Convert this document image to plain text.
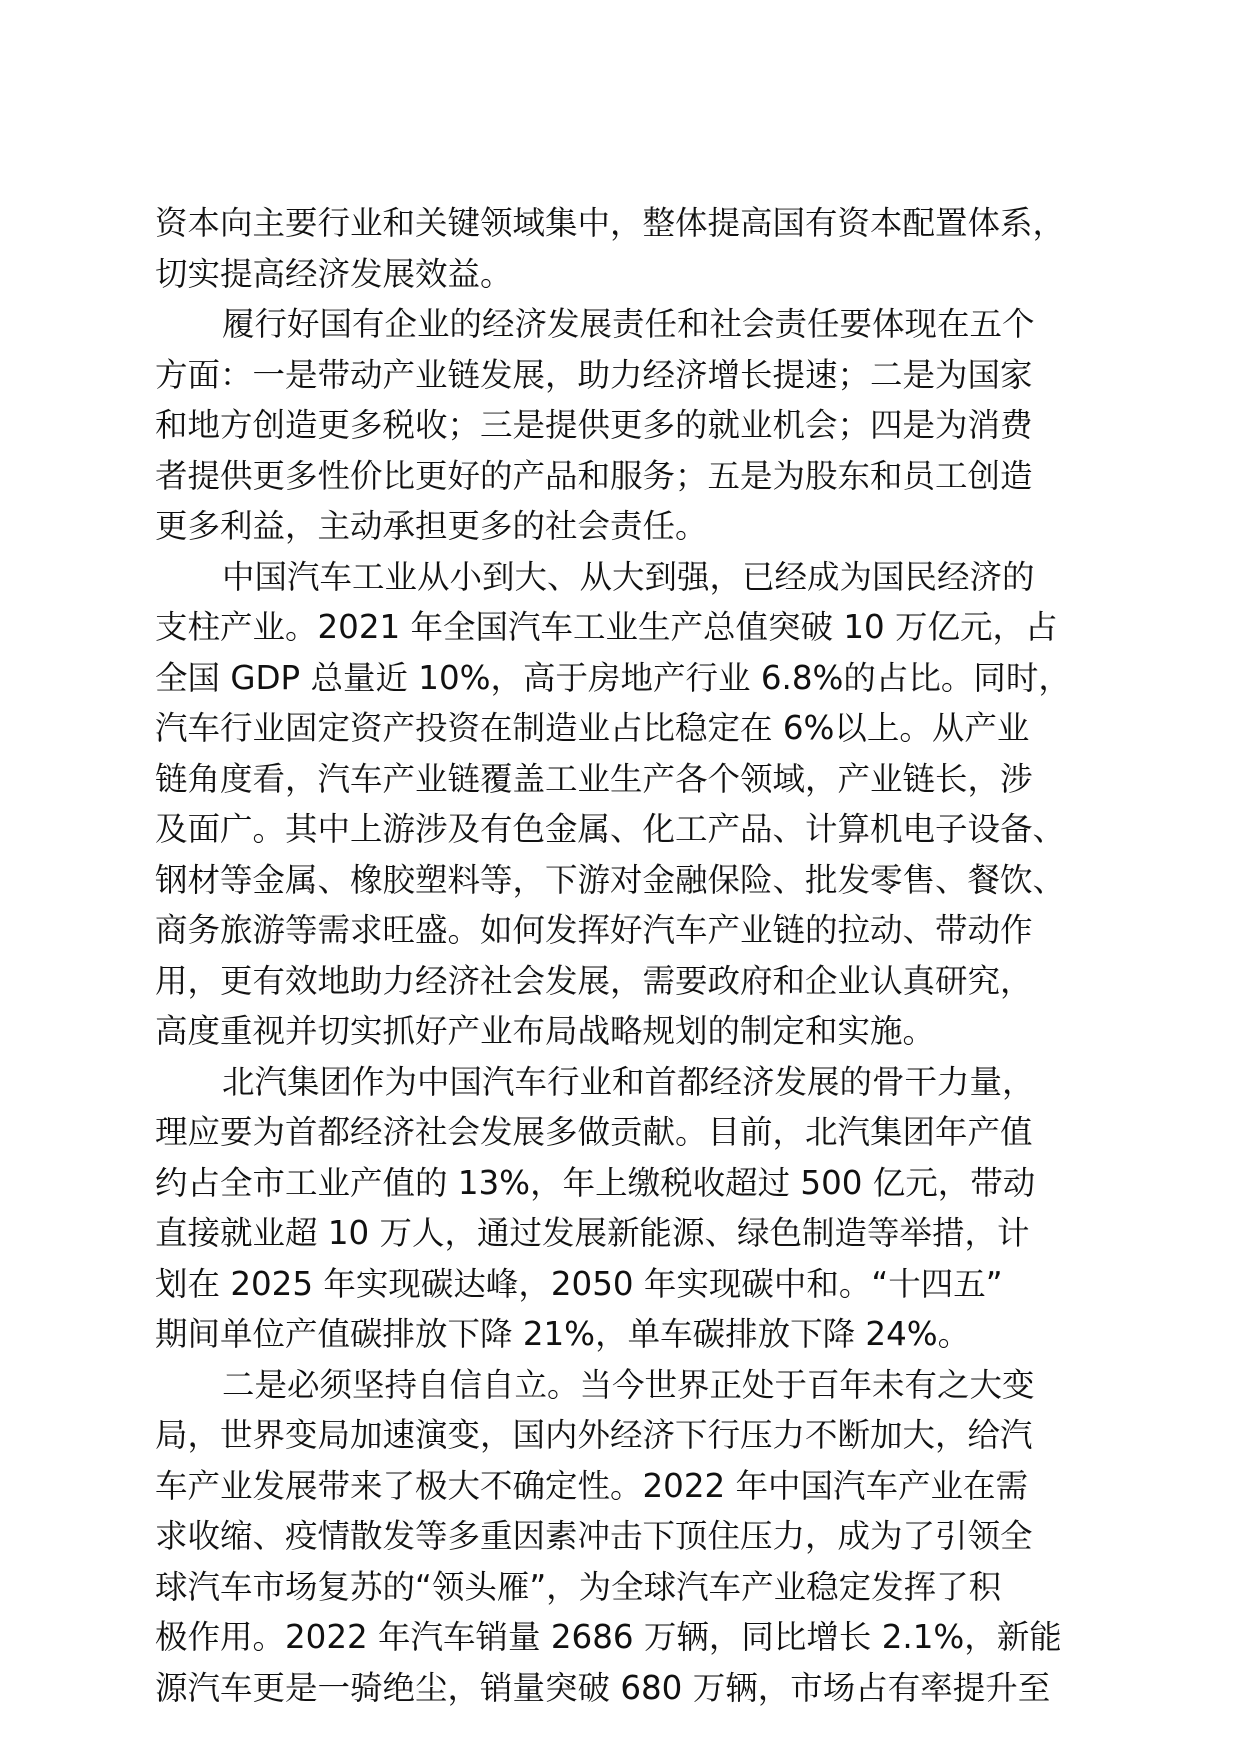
资本向主要行业和关键领域集中，整体提高国有资本配置体系，
切实提高经济发展效益。
履行好国有企业的经济发展责任和社会责任要体现在五个
方面：一是带动产业链发展，助力经济增长提速；二是为国家
和地方创造更多税收；三是提供更多的就业机会；四是为消费
者提供更多性价比更好的产品和服务；五是为股东和员工创造
更多利益，主动承担更多的社会责任。
中国汽车工业从小到大、从大到强，已经成为国民经济的
支柱产业。2021 年全国汽车工业生产总值突破 10 万亿元，占
全国 GDP 总量近 10%，高于房地产行业 6.8%的占比。同时，
汽车行业固定资产投资在制造业占比稳定在 6%以上。从产业
链角度看，汽车产业链覆盖工业生产各个领域，产业链长，涉
及面广。其中上游涉及有色金属、化工产品、计算机电子设备、
钢材等金属、橡胶塑料等，下游对金融保险、批发零售、餐饮、
商务旅游等需求旺盛。如何发挥好汽车产业链的拉动、带动作
用，更有效地助力经济社会发展，需要政府和企业认真研究，
高度重视并切实抓好产业布局战略规划的制定和实施。
北汽集团作为中国汽车行业和首都经济发展的骨干力量，
理应要为首都经济社会发展多做贡献。目前，北汽集团年产值
约占全市工业产值的 13%，年上缴税收超过 500 亿元，带动
直接就业超 10 万人，通过发展新能源、绿色制造等举措，计
划在 2025 年实现碳达峰，2050 年实现碳中和。“十四五”
期间单位产值碳排放下降 21%，单车碳排放下降 24%。
二是必须坚持自信自立。当今世界正处于百年未有之大变
局，世界变局加速演变，国内外经济下行压力不断加大，给汽
车产业发展带来了极大不确定性。2022 年中国汽车产业在需
求收缩、疫情散发等多重因素冲击下顶住压力，成为了引领全
球汽车市场复苏的“领头雁”，为全球汽车产业稳定发挥了积
极作用。2022 年汽车销量 2686 万辆，同比增长 2.1%，新能
源汽车更是一骑绝尘，销量突破 680 万辆，市场占有率提升至
